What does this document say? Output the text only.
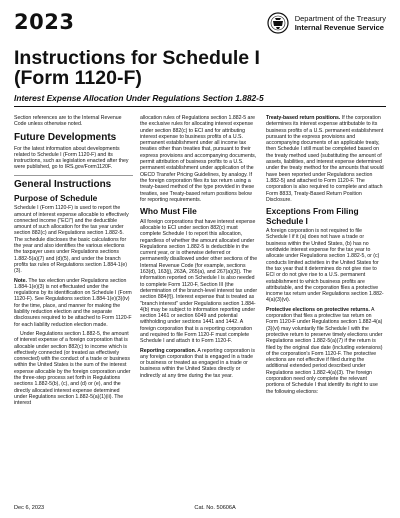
2023	Department of the Treasury
Internal Revenue Service
Instructions for Schedule I
(Form 1120-F)
Interest Expense Allocation Under Regulations Section 1.882-5

Section references are to the Internal Revenue Code unless otherwise noted.

Future Developments

For the latest information about developments related to Schedule I (Form 1120-F) and its instructions, such as legislation enacted after they were published, go to IRS.gov/Form1120F.

General Instructions
Purpose of Schedule

Schedule I (Form 1120-F) is used to report the amount of interest expense allocable to effectively connected income ("ECI") and the deductible amount of such allocation for the tax year under section 882(c) and Regulations section 1.882-5. The schedule discloses the basic calculations for the year and also identifies the various elections the taxpayer uses under Regulations sections 1.882-5(a)(7) and (d)(5), and under the branch profits tax rules of Regulations section 1.884-1(e)(3).

Note. The tax election under Regulations section 1.884-1(e)(3) is not effectuated under the regulations by its identification on Schedule I (Form 1120-F). See Regulations section 1.884-1(e)(3)(iv) for the time, place, and manner for making the liability reduction election and the separate disclosures required to be attached to Form 1120-F for each liability reduction election made.

Under Regulations section 1.882-5, the amount of interest expense of a foreign corporation that is allocable under section 882(c) to income which is effectively connected (or treated as effectively connected) with the conduct of a trade or business within the United States is the sum of the interest expense allocable by the foreign corporation under the three-step process set forth in Regulations sections 1.882-5(b), (c), and (d) or (e), and the directly allocated interest expense determined under Regulations section 1.882-5(a)(1)(ii). The interest

allocation rules of Regulations section 1.882-5 are the exclusive rules for allocating interest expense under section 882(c) to ECI and for attributing interest expense to business profits of a U.S. permanent establishment under all income tax treaties other than treaties that, pursuant to their express provisions and accompanying documents, permit attribution of business profits to a U.S. permanent establishment under application of the OECD Transfer Pricing Guidelines, by analogy. If the foreign corporation files its tax return using a treaty-based method of the type provided in these treaties, see Treaty-based return positions below for reporting requirements.

Who Must File

All foreign corporations that have interest expense allocable to ECI under section 882(c) must complete Schedule I to report this allocation, regardless of whether the amount allocated under Regulations section 1.882-5 is deductible in the current year, or is otherwise deferred or permanently disallowed under other sections of the Internal Revenue Code (for example, sections 163(d), 163(j), 263A, 265(a), and 267(a)(3)). The information reported on Schedule I is also needed to complete Form 1120-F, Section III (the determination of the branch-level interest tax under section 884(f)). Interest expense that is treated as "branch interest" under Regulations section 1.884-4(b) may be subject to information reporting under section 1461 or section 6049 and potential withholding under sections 1441 and 1442. A foreign corporation that is a reporting corporation and required to file Form 1120-F must complete Schedule I and attach it to Form 1120-F.

Reporting corporation. A reporting corporation is any foreign corporation that is engaged in a trade or business or treated as engaged in a trade or business within the United States directly or indirectly at any time during the tax year.

Treaty-based return positions. If the corporation determines its interest expense attributable to its business profits of a U.S. permanent establishment pursuant to the express provisions and accompanying documents of an applicable treaty, then Schedule I still must be completed based on the treaty method used (substituting the amount of assets, liabilities, and interest expense determined under the treaty method for the amounts that would have been reported under Regulations section 1.882-5) and attached to Form 1120-F. The corporation is also required to complete and attach Form 8833, Treaty-Based Return Position Disclosure.

Exceptions From Filing Schedule I

A foreign corporation is not required to file Schedule I if it (a) does not have a trade or business within the United States, (b) has no worldwide interest expense for the tax year to allocate under Regulations section 1.882-5, or (c) conducts limited activities in the United States for the tax year that it determines do not give rise to ECI or do not give rise to a U.S. permanent establishment to which business profits are attributable, and the corporation files a protective income tax return under Regulations section 1.882-4(a)(3)(vi).

Protective elections on protective returns. A corporation that files a protective tax return on Form 1120-F under Regulations section 1.882-4(a)(3)(vi) may voluntarily file Schedule I with the protective return to preserve timely elections under Regulations section 1.882-5(a)(7) if the return is filed by the original due date (including extensions) of the corporation's Form 1120-F. The protective elections are not effective if filed during the additional extended period described under Regulations section 1.882-4(a)(3). The foreign corporation need only complete the relevant portions of Schedule I that identify its right to use the following elections:

Dec 6, 2023	Cat. No. 50606A
